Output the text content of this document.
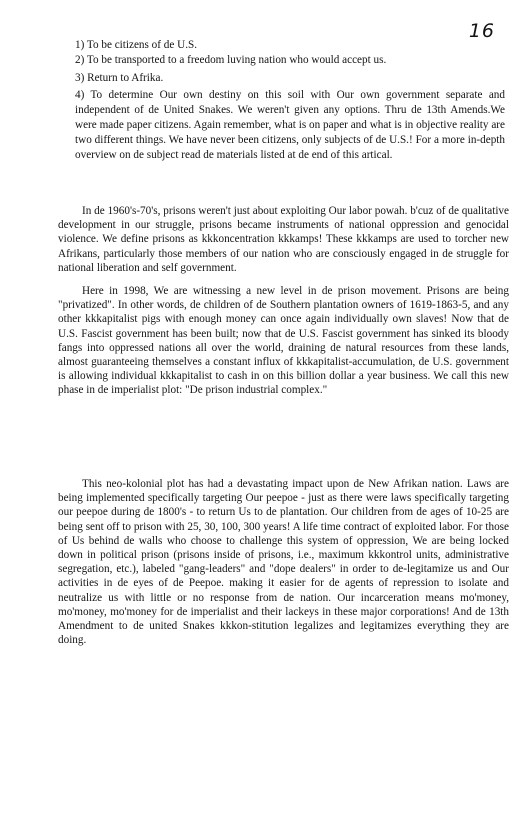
16

1) To be citizens of de U.S.

2) To be transported to a freedom luving nation who would accept us.

3) Return to Afrika.

4) To determine Our own destiny on this soil with Our own government separate and independent of de United Snakes. We weren't given any options. Thru de 13th Amends.We were made paper citizens. Again remember, what is on paper and what is in objective reality are two different things. We have never been citizens, only subjects of de U.S.! For a more in-depth overview on de subject read de materials listed at de end of this artical.

In de 1960's-70's, prisons weren't just about exploiting Our labor powah. b'cuz of de qualitative development in our struggle, prisons became instruments of national oppression and genocidal violence. We define prisons as kkkoncentration kkkamps! These kkkamps are used to torcher new Afrikans, particularly those members of our nation who are consciously engaged in de struggle for national liberation and self government.

Here in 1998, We are witnessing a new level in de prison movement. Prisons are being "privatized". In other words, de children of de Southern plantation owners of 1619-1863-5, and any other kkkapitalist pigs with enough money can once again individually own slaves! Now that de U.S. Fascist government has been built; now that de U.S. Fascist government has sinked its bloody fangs into oppressed nations all over the world, draining de natural resources from these lands, almost guaranteeing themselves a constant influx of kkkapitalist-accumulation, de U.S. government is allowing individual kkkapitalist to cash in on this billion dollar a year business. We call this new phase in de imperialist plot: "De prison industrial complex."

This neo-kolonial plot has had a devastating impact upon de New Afrikan nation. Laws are being implemented specifically targeting Our peepoe - just as there were laws specifically targeting our peepoe during de 1800's - to return Us to de plantation. Our children from de ages of 10-25 are being sent off to prison with 25, 30, 100, 300 years! A life time contract of exploited labor. For those of Us behind de walls who choose to challenge this system of oppression, We are being locked down in political prison (prisons inside of prisons, i.e., maximum kkkontrol units, administrative segregation, etc.), labeled "gang-leaders" and "dope dealers" in order to de-legitamize us and Our activities in de eyes of de Peepoe. making it easier for de agents of repression to isolate and neutralize us with little or no response from de nation. Our incarceration means mo'money, mo'money, mo'money for de imperialist and their lackeys in these major corporations! And de 13th Amendment to de united Snakes kkkon-stitution legalizes and legitamizes everything they are doing.
